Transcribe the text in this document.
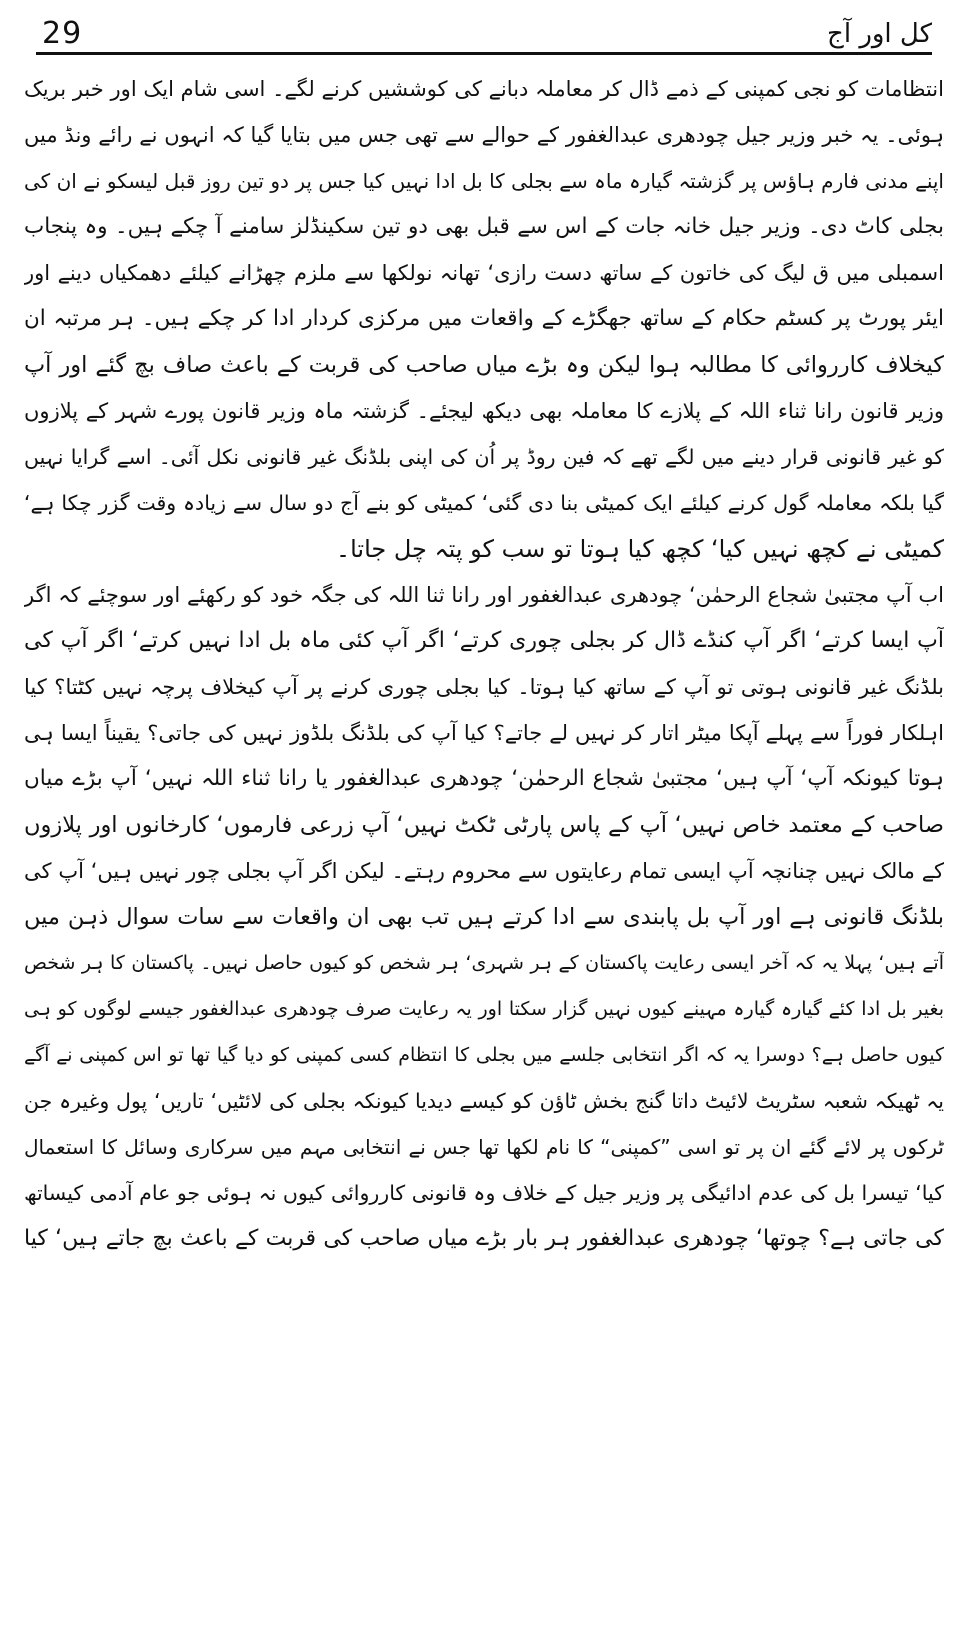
29	کل اور آج
انتظامات کو نجی کمپنی کے ذمے ڈال کر معاملہ دبانے کی کوششیں کرنے لگے۔ اسی شام ایک اور خبر بریک
ہوئی۔ یہ خبر وزیر جیل چودھری عبدالغفور کے حوالے سے تھی جس میں بتایا گیا کہ انہوں نے رائے ونڈ میں
اپنے مدنی فارم ہاؤس پر گزشتہ گیارہ ماہ سے بجلی کا بل ادا نہیں کیا جس پر دو تین روز قبل لیسکو نے ان کی
بجلی کاٹ دی۔ وزیر جیل خانہ جات کے اس سے قبل بھی دو تین سکینڈلز سامنے آ چکے ہیں۔ وہ پنجاب
اسمبلی میں ق لیگ کی خاتون کے ساتھ دست رازی‘ تھانہ نولکھا سے ملزم چھڑانے کیلئے دھمکیاں دینے اور
ایئر پورٹ پر کسٹم حکام کے ساتھ جھگڑے کے واقعات میں مرکزی کردار ادا کر چکے ہیں۔ ہر مرتبہ ان
کیخلاف کارروائی کا مطالبہ ہوا لیکن وہ بڑے میاں صاحب کی قربت کے باعث صاف بچ گئے اور آپ
وزیر قانون رانا ثناء اللہ کے پلازے کا معاملہ بھی دیکھ لیجئے۔ گزشتہ ماہ وزیر قانون پورے شہر کے پلازوں
کو غیر قانونی قرار دینے میں لگے تھے کہ فین روڈ پر اُن کی اپنی بلڈنگ غیر قانونی نکل آئی۔ اسے گرایا نہیں
گیا بلکہ معاملہ گول کرنے کیلئے ایک کمیٹی بنا دی گئی‘ کمیٹی کو بنے آج دو سال سے زیادہ وقت گزر چکا ہے‘
کمیٹی نے کچھ نہیں کیا‘ کچھ کیا ہوتا تو سب کو پتہ چل جاتا۔
اب آپ مجتبیٰ شجاع الرحمٰن‘ چودھری عبدالغفور اور رانا ثنا اللہ کی جگہ خود کو رکھئے اور سوچئے کہ اگر
آپ ایسا کرتے‘ اگر آپ کنڈے ڈال کر بجلی چوری کرتے‘ اگر آپ کئی ماہ بل ادا نہیں کرتے‘ اگر آپ کی
بلڈنگ غیر قانونی ہوتی تو آپ کے ساتھ کیا ہوتا۔ کیا بجلی چوری کرنے پر آپ کیخلاف پرچہ نہیں کٹتا؟ کیا
اہلکار فوراً سے پہلے آپکا میٹر اتار کر نہیں لے جاتے؟ کیا آپ کی بلڈنگ بلڈوز نہیں کی جاتی؟ یقیناً ایسا ہی
ہوتا کیونکہ آپ‘ آپ ہیں‘ مجتبیٰ شجاع الرحمٰن‘ چودھری عبدالغفور یا رانا ثناء اللہ نہیں‘ آپ بڑے میاں
صاحب کے معتمد خاص نہیں‘ آپ کے پاس پارٹی ٹکٹ نہیں‘ آپ زرعی فارموں‘ کارخانوں اور پلازوں
کے مالک نہیں چنانچہ آپ ایسی تمام رعایتوں سے محروم رہتے۔ لیکن اگر آپ بجلی چور نہیں ہیں‘ آپ کی
بلڈنگ قانونی ہے اور آپ بل پابندی سے ادا کرتے ہیں تب بھی ان واقعات سے سات سوال ذہن میں
آتے ہیں‘ پہلا یہ کہ آخر ایسی رعایت پاکستان کے ہر شہری‘ ہر شخص کو کیوں حاصل نہیں۔ پاکستان کا ہر شخص
بغیر بل ادا کئے گیارہ گیارہ مہینے کیوں نہیں گزار سکتا اور یہ رعایت صرف چودھری عبدالغفور جیسے لوگوں کو ہی
کیوں حاصل ہے؟ دوسرا یہ کہ اگر انتخابی جلسے میں بجلی کا انتظام کسی کمپنی کو دیا گیا تھا تو اس کمپنی نے آگے
یہ ٹھیکہ شعبہ سٹریٹ لائیٹ داتا گنج بخش ٹاؤن کو کیسے دیدیا کیونکہ بجلی کی لائٹیں‘ تاریں‘ پول وغیرہ جن
ٹرکوں پر لائے گئے ان پر تو اسی ”کمپنی“ کا نام لکھا تھا جس نے انتخابی مہم میں سرکاری وسائل کا استعمال
کیا‘ تیسرا بل کی عدم ادائیگی پر وزیر جیل کے خلاف وہ قانونی کارروائی کیوں نہ ہوئی جو عام آدمی کیساتھ
کی جاتی ہے؟ چوتھا‘ چودھری عبدالغفور ہر بار بڑے میاں صاحب کی قربت کے باعث بچ جاتے ہیں‘ کیا
